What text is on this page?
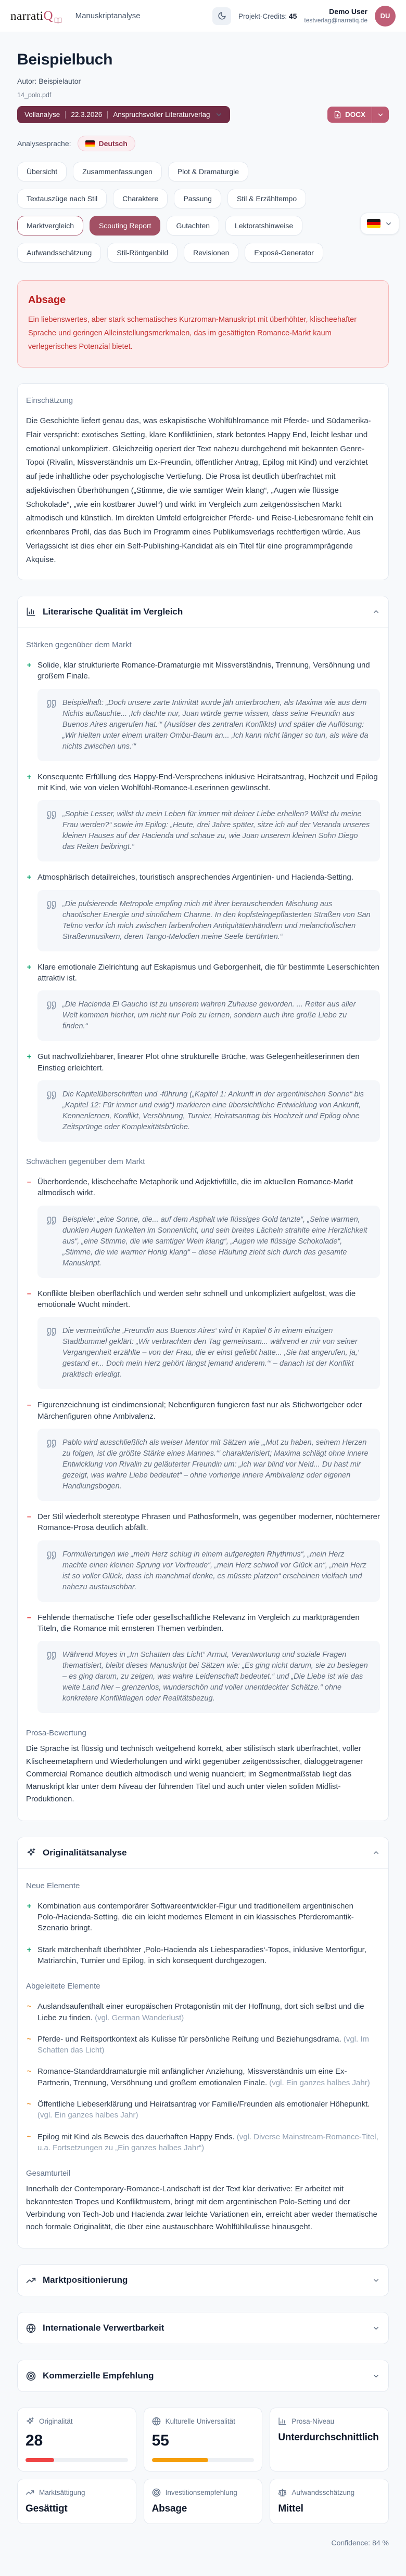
narrati Q	Manuskriptanalyse	Projekt-Credits: 45
Demo User
testverlag@narratiq.de
DU
Beispielbuch
Autor: Beispielautor
14_polo.pdf
Vollanalyse 22.3.2026 Anspruchsvoller Literaturverlag	DOCX
Analysesprache:	Deutsch
Übersicht	Zusammenfassungen	Plot & Dramaturgie
Textauszüge nach Stil	Charaktere	Passung	Stil & Erzähltempo
Marktvergleich	Scouting Report	Gutachten	Lektoratshinweise
Aufwandsschätzung	Stil-Röntgenbild	Revisionen	Exposé-Generator
Absage

Ein liebenswertes, aber stark schematisches Kurzroman-Manuskript mit überhöhter, klischeehafter Sprache und geringen Alleinstellungsmerkmalen, das im gesättigten Romance-Markt kaum verlegerisches Potenzial bietet.

Einschätzung

Die Geschichte liefert genau das, was eskapistische Wohlfühlromance mit Pferde- und Südamerika-Flair verspricht: exotisches Setting, klare Konfliktlinien, stark betontes Happy End, leicht lesbar und emotional unkompliziert. Gleichzeitig operiert der Text nahezu durchgehend mit bekannten Genre-Topoi (Rivalin, Missverständnis um Ex-Freundin, öffentlicher Antrag, Epilog mit Kind) und verzichtet auf jede inhaltliche oder psychologische Vertiefung. Die Prosa ist deutlich überfrachtet mit adjektivischen Überhöhungen („Stimme, die wie samtiger Wein klang“, „Augen wie flüssige Schokolade“, „wie ein kostbarer Juwel“) und wirkt im Vergleich zum zeitgenössischen Markt altmodisch und künstlich. Im direkten Umfeld erfolgreicher Pferde- und Reise-Liebesromane fehlt ein erkennbares Profil, das das Buch im Programm eines Publikumsverlags rechtfertigen würde. Aus Verlagssicht ist dies eher ein Self-Publishing-Kandidat als ein Titel für eine programmprägende Akquise.

Literarische Qualität im Vergleich
Stärken gegenüber dem Markt
+ Solide, klar strukturierte Romance-Dramaturgie mit Missverständnis, Trennung, Versöhnung und großem Finale.

Beispielhaft: „Doch unsere zarte Intimität wurde jäh unterbrochen, als Maxima wie aus dem Nichts auftauchte... ‚Ich dachte nur, Juan würde gerne wissen, dass seine Freundin aus Buenos Aires angerufen hat.‘“ (Auslöser des zentralen Konflikts) und später die Auflösung: „Wir hielten unter einem uralten Ombu-Baum an... ‚Ich kann nicht länger so tun, als wäre da nichts zwischen uns.‘“

+ Konsequente Erfüllung des Happy-End-Versprechens inklusive Heiratsantrag, Hochzeit und Epilog mit Kind, wie von vielen Wohlfühl-Romance-Leserinnen gewünscht.

„Sophie Lesser, willst du mein Leben für immer mit deiner Liebe erhellen? Willst du meine Frau werden?“ sowie im Epilog: „Heute, drei Jahre später, sitze ich auf der Veranda unseres kleinen Hauses auf der Hacienda und schaue zu, wie Juan unserem kleinen Sohn Diego das Reiten beibringt.“

+ Atmosphärisch detailreiches, touristisch ansprechendes Argentinien- und Hacienda-Setting.

„Die pulsierende Metropole empfing mich mit ihrer berauschenden Mischung aus chaotischer Energie und sinnlichem Charme. In den kopfsteingepflasterten Straßen von San Telmo verlor ich mich zwischen farbenfrohen Antiquitätenhändlern und melancholischen Straßenmusikern, deren Tango-Melodien meine Seele berührten.“

+ Klare emotionale Zielrichtung auf Eskapismus und Geborgenheit, die für bestimmte Leserschichten attraktiv ist.

„Die Hacienda El Gaucho ist zu unserem wahren Zuhause geworden. ... Reiter aus aller Welt kommen hierher, um nicht nur Polo zu lernen, sondern auch ihre große Liebe zu finden.“

+ Gut nachvollziehbarer, linearer Plot ohne strukturelle Brüche, was Gelegenheitleserinnen den Einstieg erleichtert.

Die Kapitelüberschriften und -führung („Kapitel 1: Ankunft in der argentinischen Sonne“ bis „Kapitel 12: Für immer und ewig“) markieren eine übersichtliche Entwicklung von Ankunft, Kennenlernen, Konflikt, Versöhnung, Turnier, Heiratsantrag bis Hochzeit und Epilog ohne Zeitsprünge oder Komplexitätsbrüche.

Schwächen gegenüber dem Markt
– Überbordende, klischeehafte Metaphorik und Adjektivfülle, die im aktuellen Romance-Markt altmodisch wirkt.

Beispiele: „eine Sonne, die... auf dem Asphalt wie flüssiges Gold tanzte“, „Seine warmen, dunklen Augen funkelten im Sonnenlicht, und sein breites Lächeln strahlte eine Herzlichkeit aus“, „eine Stimme, die wie samtiger Wein klang“, „Augen wie flüssige Schokolade“, „Stimme, die wie warmer Honig klang“ – diese Häufung zieht sich durch das gesamte Manuskript.

– Konflikte bleiben oberflächlich und werden sehr schnell und unkompliziert aufgelöst, was die emotionale Wucht mindert.

Die vermeintliche ‚Freundin aus Buenos Aires‘ wird in Kapitel 6 in einem einzigen Stadtbummel geklärt: „Wir verbrachten den Tag gemeinsam... während er mir von seiner Vergangenheit erzählte – von der Frau, die er einst geliebt hatte... ‚Sie hat angerufen, ja,‘ gestand er... Doch mein Herz gehört längst jemand anderem.‘“ – danach ist der Konflikt praktisch erledigt.

– Figurenzeichnung ist eindimensional; Nebenfiguren fungieren fast nur als Stichwortgeber oder Märchenfiguren ohne Ambivalenz.

Pablo wird ausschließlich als weiser Mentor mit Sätzen wie „‚Mut zu haben, seinem Herzen zu folgen, ist die größte Stärke eines Mannes.‘“ charakterisiert; Maxima schlägt ohne innere Entwicklung von Rivalin zu geläuterter Freundin um: „Ich war blind vor Neid... Du hast mir gezeigt, was wahre Liebe bedeutet“ – ohne vorherige innere Ambivalenz oder eigenen Handlungsbogen.

– Der Stil wiederholt stereotype Phrasen und Pathosformeln, was gegenüber moderner, nüchternerer Romance-Prosa deutlich abfällt.

Formulierungen wie „mein Herz schlug in einem aufgeregten Rhythmus“, „mein Herz machte einen kleinen Sprung vor Vorfreude“, „mein Herz schwoll vor Glück an“, „mein Herz ist so voller Glück, dass ich manchmal denke, es müsste platzen“ erscheinen vielfach und nahezu austauschbar.

– Fehlende thematische Tiefe oder gesellschaftliche Relevanz im Vergleich zu marktprägenden Titeln, die Romance mit ernsteren Themen verbinden.

Während Moyes in „Im Schatten das Licht“ Armut, Verantwortung und soziale Fragen thematisiert, bleibt dieses Manuskript bei Sätzen wie: „Es ging nicht darum, sie zu besiegen – es ging darum, zu zeigen, was wahre Leidenschaft bedeutet.“ und „Die Liebe ist wie das weite Land hier – grenzenlos, wunderschön und voller unentdeckter Schätze.“ ohne konkretere Konfliktlagen oder Realitätsbezug.

Prosa-Bewertung

Die Sprache ist flüssig und technisch weitgehend korrekt, aber stilistisch stark überfrachtet, voller Klischeemetaphern und Wiederholungen und wirkt gegenüber zeitgenössischer, dialoggetragener Commercial Romance deutlich altmodisch und wenig nuanciert; im Segmentmaßstab liegt das Manuskript klar unter dem Niveau der führenden Titel und auch unter vielen soliden Midlist-Produktionen.

Originalitätsanalyse
Neue Elemente
+ Kombination aus contemporärer Softwareentwickler-Figur und traditionellem argentinischen Polo-/Hacienda-Setting, die ein leicht modernes Element in ein klassisches Pferderomantik-Szenario bringt.

+ Stark märchenhaft überhöhter ‚Polo-Hacienda als Liebesparadies‘-Topos, inklusive Mentorfigur, Matriarchin, Turnier und Epilog, in sich konsequent durchgezogen.

Abgeleitete Elemente
~ Auslandsaufenthalt einer europäischen Protagonistin mit der Hoffnung, dort sich selbst und die Liebe zu finden. (vgl. German Wanderlust)

~ Pferde- und Reitsportkontext als Kulisse für persönliche Reifung und Beziehungsdrama. (vgl. Im Schatten das Licht)

~ Romance-Standarddramaturgie mit anfänglicher Anziehung, Missverständnis um eine Ex-Partnerin, Trennung, Versöhnung und großem emotionalen Finale. (vgl. Ein ganzes halbes Jahr)

~ Öffentliche Liebeserklärung und Heiratsantrag vor Familie/Freunden als emotionaler Höhepunkt. (vgl. Ein ganzes halbes Jahr)

~ Epilog mit Kind als Beweis des dauerhaften Happy Ends. (vgl. Diverse Mainstream-Romance-Titel, u.a. Fortsetzungen zu „Ein ganzes halbes Jahr“)

Gesamturteil

Innerhalb der Contemporary-Romance-Landschaft ist der Text klar derivative: Er arbeitet mit bekanntesten Tropes und Konfliktmustern, bringt mit dem argentinischen Polo-Setting und der Verbindung von Tech-Job und Hacienda zwar leichte Variationen ein, erreicht aber weder thematische noch formale Originalität, die über eine austauschbare Wohlfühlkulisse hinausgeht.

Marktpositionierung
Internationale Verwertbarkeit
Kommerzielle Empfehlung
Originalität
28
Kulturelle Universalität
55
Prosa-Niveau
Unterdurchschnittlich
Marktsättigung
Gesättigt
Investitionsempfehlung
Absage
Aufwandsschätzung
Mittel
Confidence: 84 %
